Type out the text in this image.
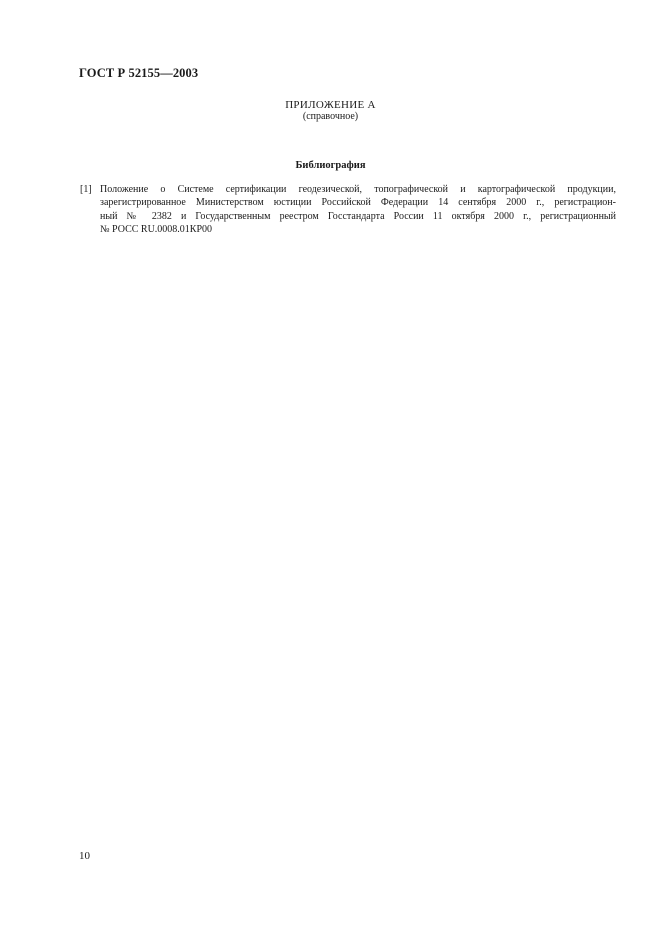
ГОСТ Р 52155—2003
ПРИЛОЖЕНИЕ А
(справочное)
Библиография
[1] Положение о Системе сертификации геодезической, топографической и картографической продукции,
зарегистрированное Министерством юстиции Российской Федерации 14 сентября 2000 г., регистрацион-
ный № 2382 и Государственным реестром Госстандарта России 11 октября 2000 г., регистрационный
№ РОСС RU.0008.01КР00
10
